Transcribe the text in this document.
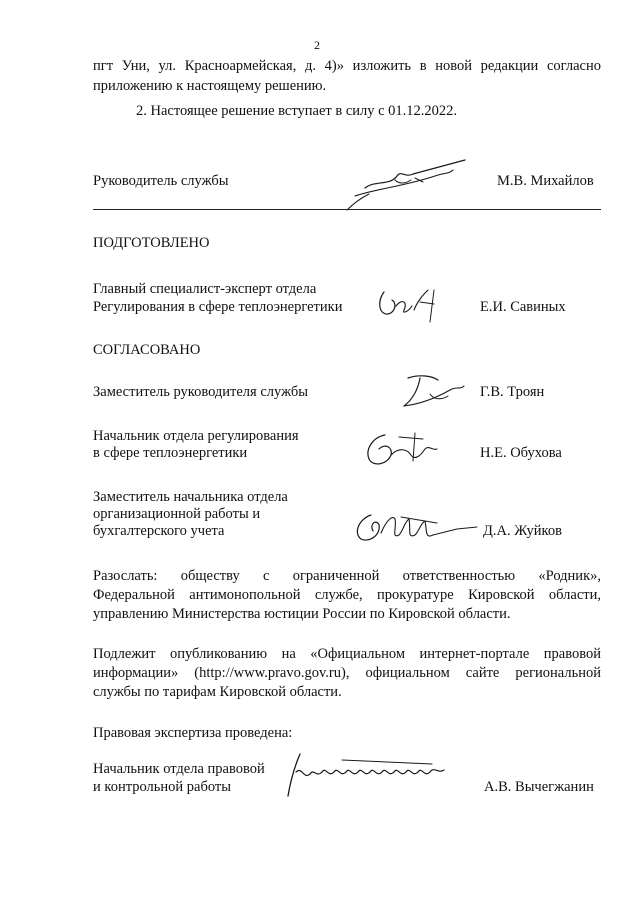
2
пгт Уни, ул. Красноармейская, д. 4)» изложить в новой редакции согласно
приложению к настоящему решению.
2. Настоящее решение вступает в силу с 01.12.2022.
Руководитель службы	М.В. Михайлов
ПОДГОТОВЛЕНО
Главный специалист-эксперт отдела
Регулирования в сфере теплоэнергетики	Е.И. Савиных
СОГЛАСОВАНО
Заместитель руководителя службы	Г.В. Троян
Начальник отдела регулирования
в сфере теплоэнергетики	Н.Е. Обухова
Заместитель начальника отдела
организационной работы и
бухгалтерского учета	Д.А. Жуйков
Разослать: обществу с ограниченной ответственностью «Родник»,
Федеральной антимонопольной службе, прокуратуре Кировской области,
управлению Министерства юстиции России по Кировской области.
Подлежит опубликованию на «Официальном интернет-портале правовой
информации» (http://www.pravo.gov.ru), официальном сайте региональной
службы по тарифам Кировской области.
Правовая экспертиза проведена:
Начальник отдела правовой
и контрольной работы	А.В. Вычегжанин
